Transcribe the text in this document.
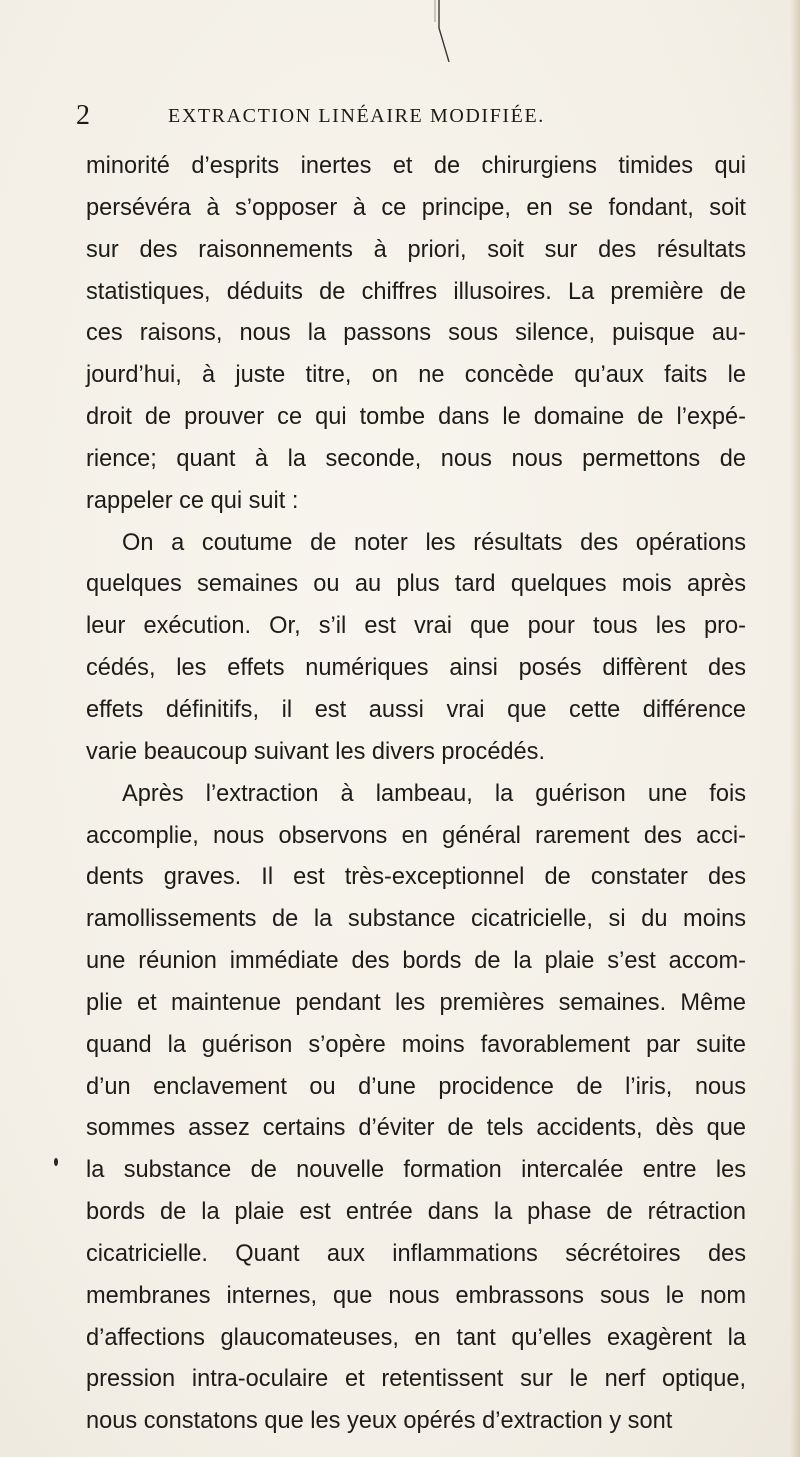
2	EXTRACTION LINÉAIRE MODIFIÉE.
minorité d’esprits inertes et de chirurgiens timides qui
persévéra à s’opposer à ce principe, en se fondant, soit
sur des raisonnements à priori, soit sur des résultats
statistiques, déduits de chiffres illusoires. La première de
ces raisons, nous la passons sous silence, puisque au-
jourd’hui, à juste titre, on ne concède qu’aux faits le
droit de prouver ce qui tombe dans le domaine de l’expé-
rience; quant à la seconde, nous nous permettons de
rappeler ce qui suit :
On a coutume de noter les résultats des opérations
quelques semaines ou au plus tard quelques mois après
leur exécution. Or, s’il est vrai que pour tous les pro-
cédés, les effets numériques ainsi posés diffèrent des
effets définitifs, il est aussi vrai que cette différence
varie beaucoup suivant les divers procédés.
Après l’extraction à lambeau, la guérison une fois
accomplie, nous observons en général rarement des acci-
dents graves. Il est très-exceptionnel de constater des
ramollissements de la substance cicatricielle, si du moins
une réunion immédiate des bords de la plaie s’est accom-
plie et maintenue pendant les premières semaines. Même
quand la guérison s’opère moins favorablement par suite
d’un enclavement ou d’une procidence de l’iris, nous
sommes assez certains d’éviter de tels accidents, dès que
la substance de nouvelle formation intercalée entre les
bords de la plaie est entrée dans la phase de rétraction
cicatricielle. Quant aux inflammations sécrétoires des
membranes internes, que nous embrassons sous le nom
d’affections glaucomateuses, en tant qu’elles exagèrent la
pression intra-oculaire et retentissent sur le nerf optique,
nous constatons que les yeux opérés d’extraction y sont
